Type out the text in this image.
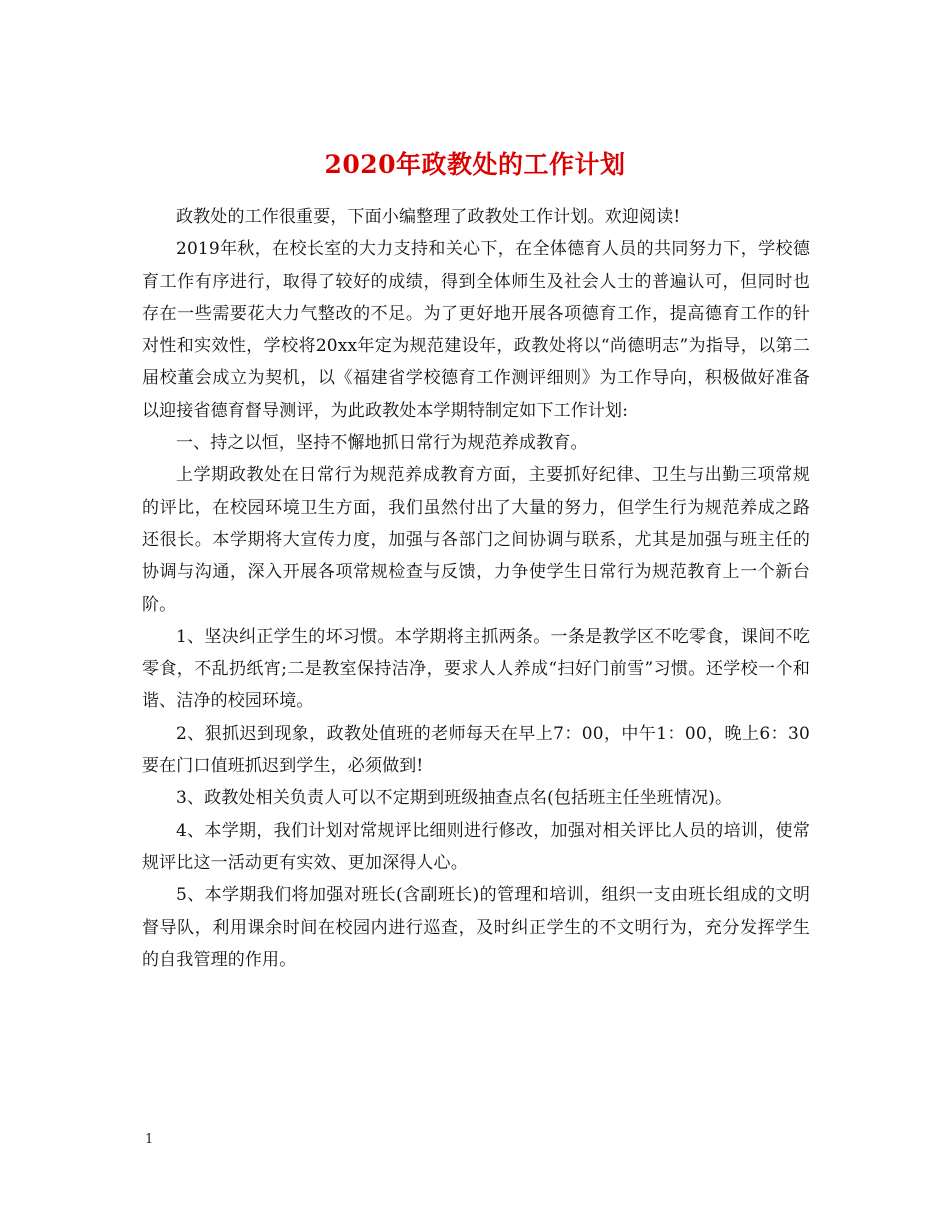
2020年政教处的工作计划

政教处的工作很重要，下面小编整理了政教处工作计划。欢迎阅读!

2019年秋，在校长室的大力支持和关心下，在全体德育人员的共同努力下，学校德育工作有序进行，取得了较好的成绩，得到全体师生及社会人士的普遍认可，但同时也存在一些需要花大力气整改的不足。为了更好地开展各项德育工作，提高德育工作的针对性和实效性，学校将20xx年定为规范建设年，政教处将以“尚德明志”为指导，以第二届校董会成立为契机，以《福建省学校德育工作测评细则》为工作导向，积极做好准备以迎接省德育督导测评，为此政教处本学期特制定如下工作计划:

一、持之以恒，坚持不懈地抓日常行为规范养成教育。

上学期政教处在日常行为规范养成教育方面，主要抓好纪律、卫生与出勤三项常规的评比，在校园环境卫生方面，我们虽然付出了大量的努力，但学生行为规范养成之路还很长。本学期将大宣传力度，加强与各部门之间协调与联系，尤其是加强与班主任的协调与沟通，深入开展各项常规检查与反馈，力争使学生日常行为规范教育上一个新台阶。

1、坚决纠正学生的坏习惯。本学期将主抓两条。一条是教学区不吃零食，课间不吃零食，不乱扔纸宵;二是教室保持洁净，要求人人养成“扫好门前雪”习惯。还学校一个和谐、洁净的校园环境。

2、狠抓迟到现象，政教处值班的老师每天在早上7：00，中午1：00，晚上6：30要在门口值班抓迟到学生，必须做到!

3、政教处相关负责人可以不定期到班级抽查点名(包括班主任坐班情况)。

4、本学期，我们计划对常规评比细则进行修改，加强对相关评比人员的培训，使常规评比这一活动更有实效、更加深得人心。

5、本学期我们将加强对班长(含副班长)的管理和培训，组织一支由班长组成的文明督导队，利用课余时间在校园内进行巡查，及时纠正学生的不文明行为，充分发挥学生的自我管理的作用。

1
